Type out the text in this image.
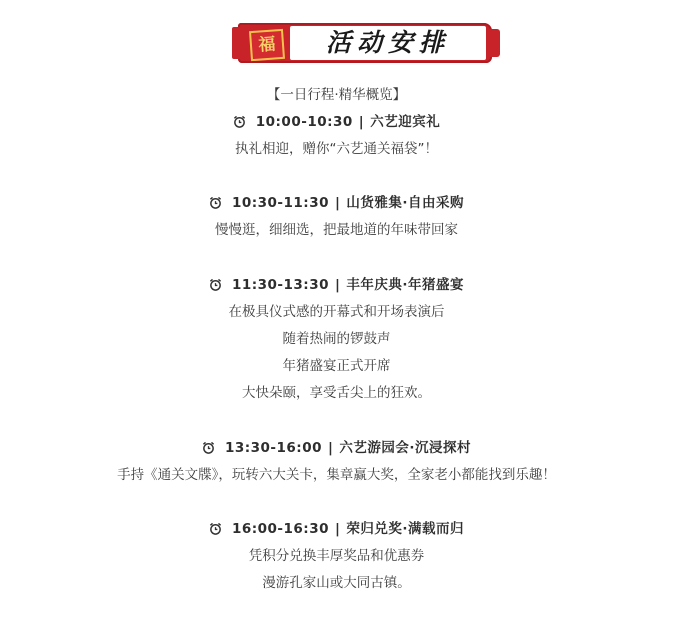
福	活动安排
【一日行程·精华概览】
10:00-10:30 | 六艺迎宾礼
执礼相迎，赠你“六艺通关福袋”！
10:30-11:30 | 山货雅集·自由采购
慢慢逛，细细选，把最地道的年味带回家
11:30-13:30 | 丰年庆典·年猪盛宴
在极具仪式感的开幕式和开场表演后
随着热闹的锣鼓声
年猪盛宴正式开席
大快朵颐，享受舌尖上的狂欢。
13:30-16:00 | 六艺游园会·沉浸探村
手持《通关文牒》，玩转六大关卡，集章赢大奖，全家老小都能找到乐趣！
16:00-16:30 | 荣归兑奖·满载而归
凭积分兑换丰厚奖品和优惠券
漫游孔家山或大同古镇。
